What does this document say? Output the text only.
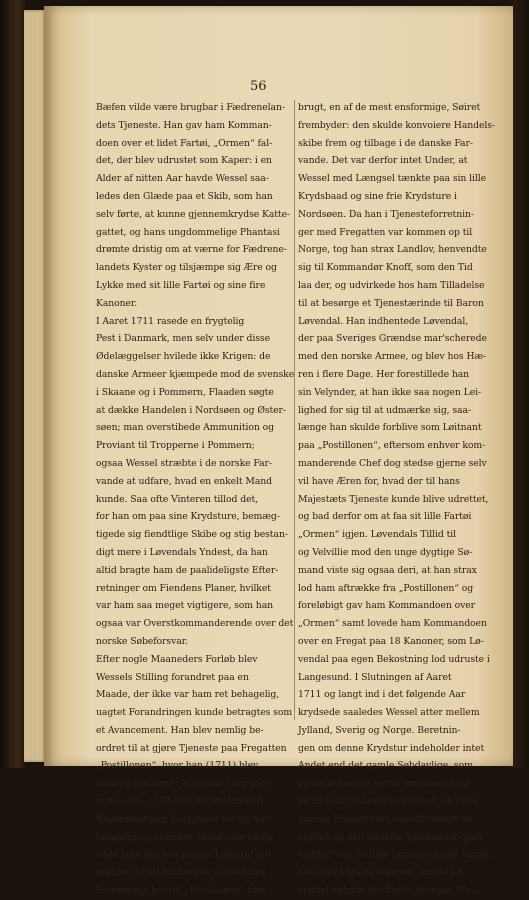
56
Bæfen vilde være brugbar i Fædrenelan-
dets Tjeneste. Han gav ham Komman-
doen over et lidet Fartøi, „Ormen“ fal-
det, der blev udrustet som Kaper: i en
Alder af nitten Aar havde Wessel saa-
ledes den Glæde paa et Skib, som han
selv førte, at kunne gjennemkrydse Katte-
gattet, og hans ungdommelige Phantasi
drømte dristig om at værne for Fædrene-
landets Kyster og tilsjæmpe sig Ære og
Lykke med sit lille Fartøi og sine fire
Kanoner.
I Aaret 1711 rasede en frygtelig
Pest i Danmark, men selv under disse
Ødelæggelser hvilede ikke Krigen: de
danske Armeer kjæmpede mod de svenske
i Skaane og i Pommern, Flaaden søgte
at dække Handelen i Nordsøen og Øster-
søen; man overstibede Ammunition og
Proviant til Tropperne i Pommern;
ogsaa Wessel stræbte i de norske Far-
vande at udfare, hvad en enkelt Mand
kunde. Saa ofte Vinteren tillod det,
for han om paa sine Krydsture, bemæg-
tigede sig fiendtlige Skibe og stig bestan-
digt mere i Løvendals Yndest, da han
altid bragte ham de paalideligste Efter-
retninger om Fiendens Planer, hvilket
var ham saa meget vigtigere, som han
ogsaa var Overstkommanderende over det
norske Søbeforsvar.
Efter nogle Maaneders Forløb blev
Wessels Stilling forandret paa en
Maade, der ikke var ham ret behagelig,
uagtet Forandringen kunde betragtes som
et Avancement. Han blev nemlig be-
ordret til at gjøre Tjeneste paa Fregatten
„Postillonen“, hvor han (1711) blev
virkelig Løitnant i Marinen. Men ikke
at tale om, at Chefen for Postillonen
Kapteinløitnant Rostgaard var en for-
fængelig og abelstolt Mand, der nødig
vilde lade den borgerlige Løitnant ud-
mærke sig alt for meget, saa var den
Forretning, hvortil „Postillonen“ blev
brugt, en af de mest ensformige, Søiret
frembyder: den skulde konvoiere Handels-
skibe frem og tilbage i de danske Far-
vande. Det var derfor intet Under, at
Wessel med Længsel tænkte paa sin lille
Krydsbaad og sine frie Krydsture i
Nordsøen. Da han i Tjenesteforretnin-
ger med Fregatten var kommen op til
Norge, tog han strax Landlov, henvendte
sig til Kommandør Knoff, som den Tid
laa der, og udvirkede hos ham Tilladelse
til at besørge et Tjenestærinde til Baron
Løvendal. Han indhentede Løvendal,
der paa Sveriges Grændse mar'scherede
med den norske Armee, og blev hos Hæ-
ren i flere Dage. Her forestillede han
sin Velynder, at han ikke saa nogen Lei-
lighed for sig til at udmærke sig, saa-
længe han skulde forblive som Løitnant
paa „Postillonen“, eftersom enhver kom-
manderende Chef dog stedse gjerne selv
vil have Æren for, hvad der til hans
Majestæts Tjeneste kunde blive udrettet,
og bad derfor om at faa sit lille Fartøi
„Ormen“ igjen. Løvendals Tillid til
og Velvillie mod den unge dygtige Sø-
mand viste sig ogsaa deri, at han strax
lod ham aftrække fra „Postillonen“ og
foreløbigt gav ham Kommandoen over
„Ormen“ samt lovede ham Kommandoen
over en Fregat paa 18 Kanoner, som Lø-
vendal paa egen Bekostning lod udruste i
Langesund. I Slutningen af Aaret
1711 og langt ind i det følgende Aar
krydsede saaledes Wessel atter mellem
Jylland, Sverig og Norge. Beretnin-
gen om denne Krydstur indeholder intet
Andet end det gamle Søbdavlige, som
en Skibsjournal har at fremvise; imid-
lertid blev Hensigten opnaaet, idet den
danske Handel blev saavidt muligt be-
skyttet og den svenske Kysthandel gjort
usikker ved det lille hurtigsejlende Fartøi.
Omsider i Marts Maaned, kunde Lø-
vendal opfylde det Løfte, hvorpaa Wes-
